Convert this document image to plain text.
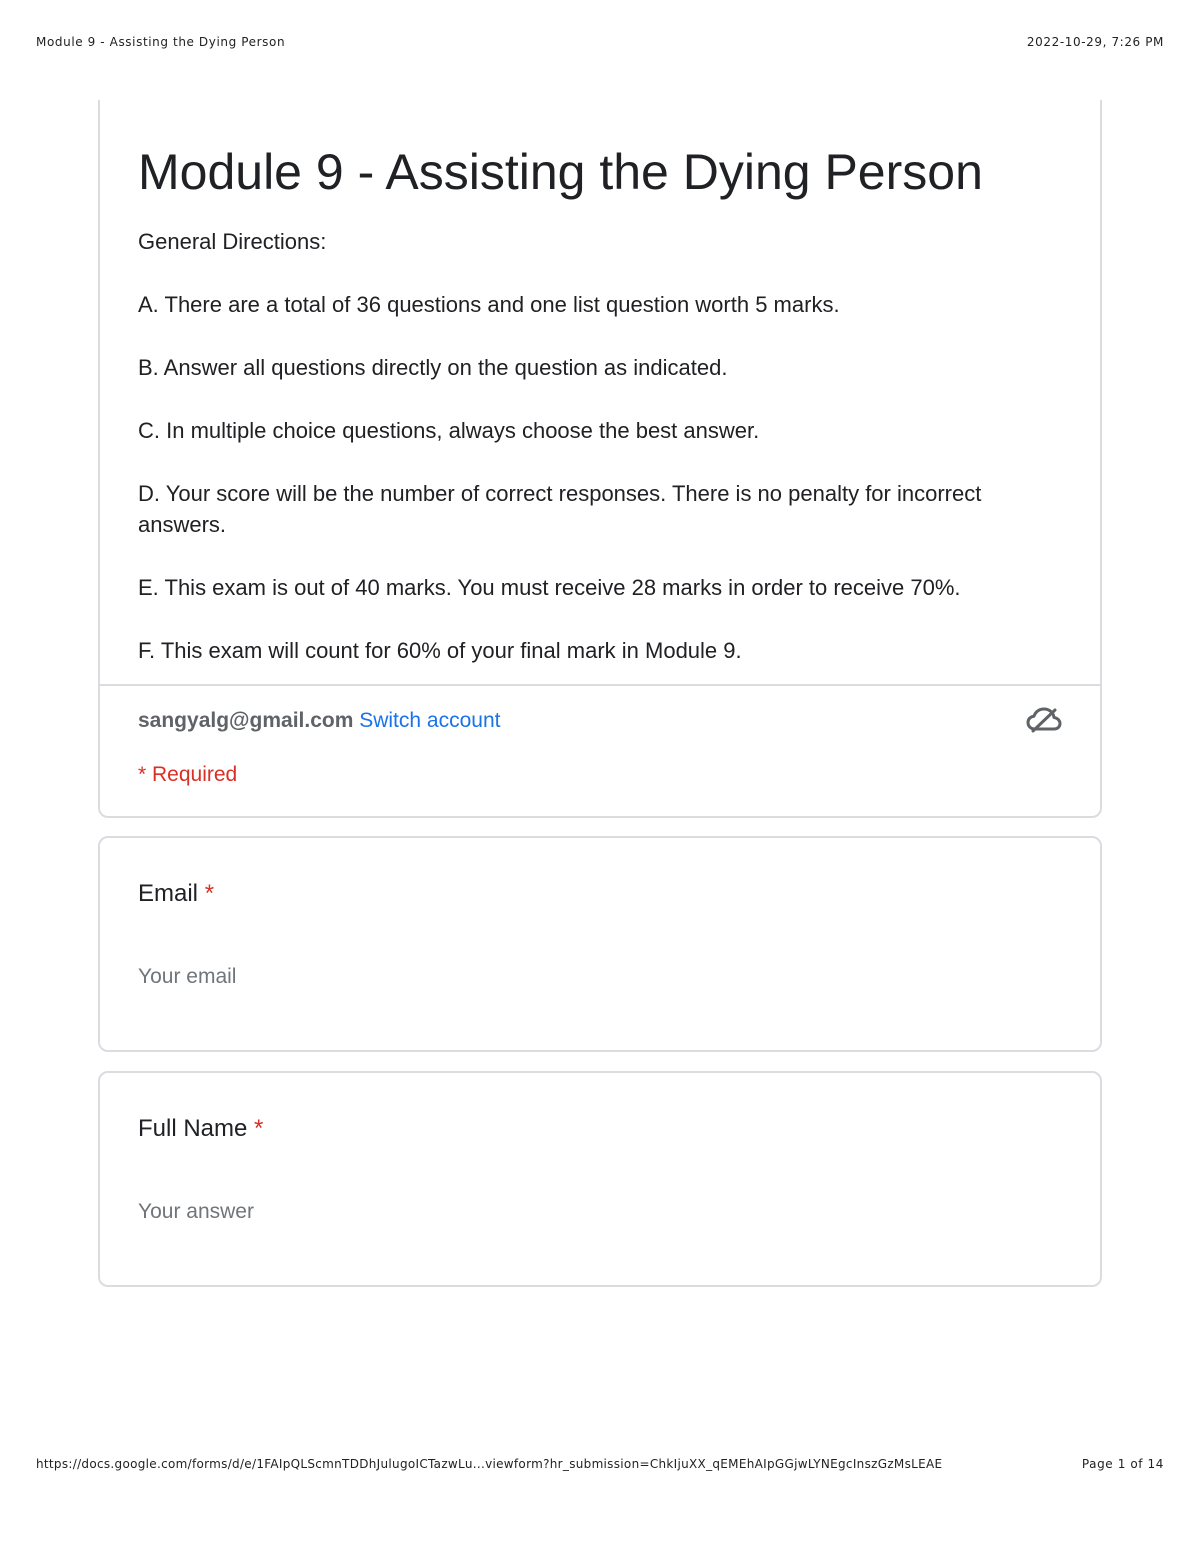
Module 9 - Assisting the Dying Person	2022-10-29, 7:26 PM
Module 9 - Assisting the Dying Person

General Directions:

A. There are a total of 36 questions and one list question worth 5 marks.

B. Answer all questions directly on the question as indicated.

C. In multiple choice questions, always choose the best answer.

D. Your score will be the number of correct responses. There is no penalty for incorrect answers.

E. This exam is out of 40 marks. You must receive 28 marks in order to receive 70%.

F. This exam will count for 60% of your final mark in Module 9.

sangyalg@gmail.com Switch account
* Required
Email *
Your email
Full Name *
Your answer
https://docs.google.com/forms/d/e/1FAIpQLScmnTDDhJulugoICTazwLu...viewform?hr_submission=ChkIjuXX_qEMEhAIpGGjwLYNEgcInszGzMsLEAE	Page 1 of 14
